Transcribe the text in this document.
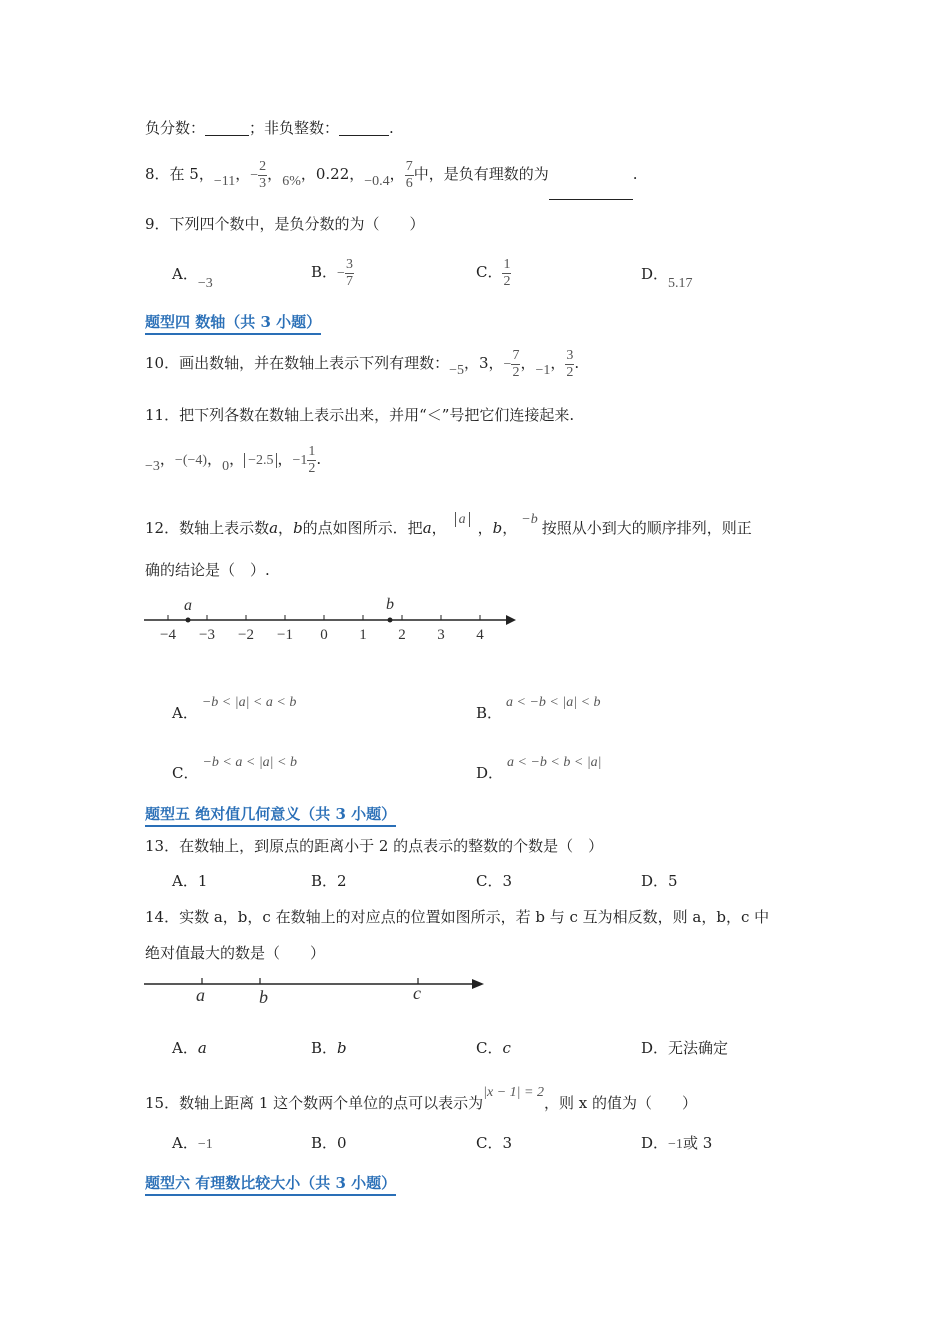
负分数：	；非负整数：	.
8．在 5，−11，− $\frac{2}{3}$ ，6%，0.22，−0.4， $\frac{7}{6}$ 中，是负有理数的为	.
9．下列四个数中，是负分数的为（　　）
A．−3
B．− $\frac{3}{7}$	C． $\frac{1}{2}$	D．5.17
题型四 数轴（共 3 小题）
10．画出数轴，并在数轴上表示下列有理数：−5，3，− $\frac{7}{2}$ ，−1， $\frac{3}{2}$ .
11．把下列各数在数轴上表示出来，并用“＜”号把它们连接起来.
−3，−(−4)，0， −2.5 ，$-1 \frac{1}{2}$ .
12．数轴上表示数a，b的点如图所示．把a， a ，b， −b 按照从小到大的顺序排列，则正
确的结论是（　）.
−4 −3 −2 −1 0 1 2 3 4
a	b
A．−b < |a| < a < b
B．a < −b < |a| < b
C．−b < a < |a| < b
D．a < −b < b < |a|
题型五 绝对值几何意义（共 3 小题）
13．在数轴上，到原点的距离小于 2 的点表示的整数的个数是（　）
A．1	B．2	C．3	D．5
14．实数 a，b，c 在数轴上的对应点的位置如图所示，若 b 与 c 互为相反数，则 a，b，c 中
绝对值最大的数是（　　）
a	b	c
A．a	B．b	C．c	D．无法确定
15．数轴上距离 1 这个数两个单位的点可以表示为|x − 1| = 2，则 x 的值为（　　）
A．−1	B．0	C．3	D．−1或 3
题型六 有理数比较大小（共 3 小题）
